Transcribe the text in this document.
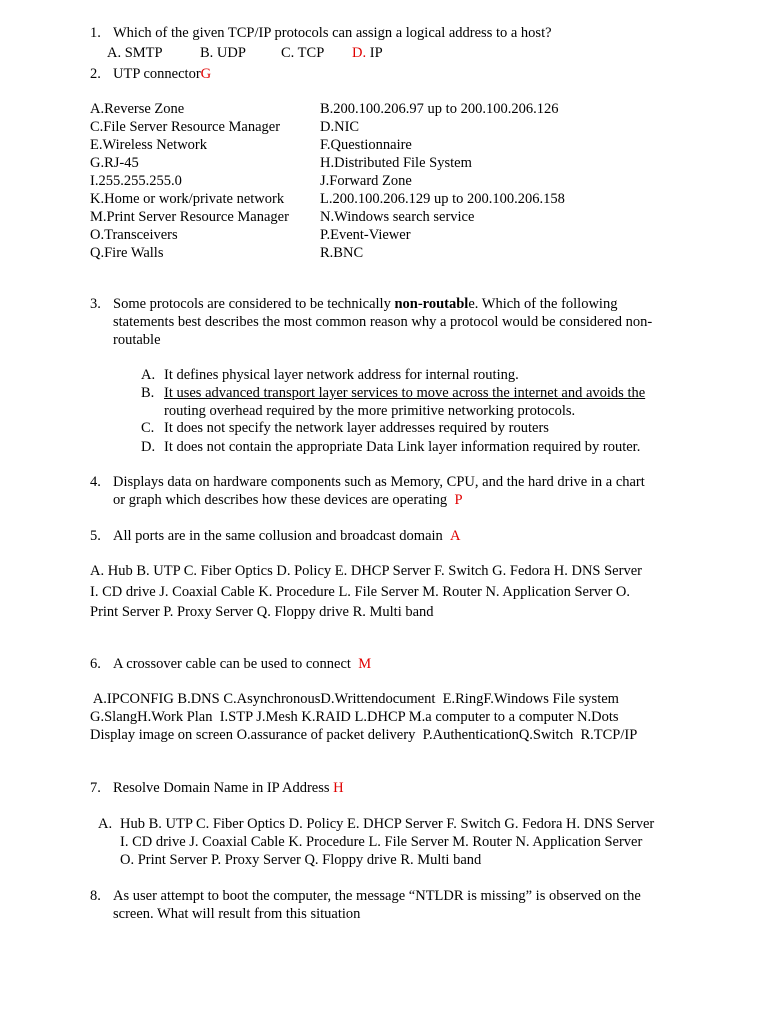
1. Which of the given TCP/IP protocols can assign a logical address to a host?
A. SMTP	B. UDP C. TCP D. IP
2. UTP connectorG
A.Reverse Zone
C.File Server Resource Manager
E.Wireless Network
G.RJ-45
I.255.255.255.0
K.Home or work/private network
M.Print Server Resource Manager
O.Transceivers
Q.Fire Walls
B.200.100.206.97 up to 200.100.206.126
D.NIC
F.Questionnaire
H.Distributed File System
J.Forward Zone
L.200.100.206.129 up to 200.100.206.158
N.Windows search service
P.Event-Viewer
R.BNC
3. Some protocols are considered to be technically non-routable. Which of the following
statements best describes the most common reason why a protocol would be considered non-
routable
A. It defines physical layer network address for internal routing.
B. It uses advanced transport layer services to move across the internet and avoids the
routing overhead required by the more primitive networking protocols.
C. It does not specify the network layer addresses required by routers
D. It does not contain the appropriate Data Link layer information required by router.
4. Displays data on hardware components such as Memory, CPU, and the hard drive in a chart
or graph which describes how these devices are operating P
5. All ports are in the same collusion and broadcast domain A
A. Hub B. UTP C. Fiber Optics D. Policy E. DHCP Server F. Switch G. Fedora H. DNS Server
I. CD drive J. Coaxial Cable K. Procedure L. File Server M. Router N. Application Server O.
Print Server P. Proxy Server Q. Floppy drive R. Multi band
6. A crossover cable can be used to connect M
A.IPCONFIG B.DNS C.AsynchronousD.Writtendocument  E.RingF.Windows File system
G.SlangH.Work Plan  I.STP J.Mesh K.RAID L.DHCP M.a computer to a computer N.Dots
Display image on screen O.assurance of packet delivery  P.AuthenticationQ.Switch  R.TCP/IP
7. Resolve Domain Name in IP Address H
A. Hub B. UTP C. Fiber Optics D. Policy E. DHCP Server F. Switch G. Fedora H. DNS Server
I. CD drive J. Coaxial Cable K. Procedure L. File Server M. Router N. Application Server
O. Print Server P. Proxy Server Q. Floppy drive R. Multi band
8. As user attempt to boot the computer, the message “NTLDR is missing” is observed on the
screen. What will result from this situation
